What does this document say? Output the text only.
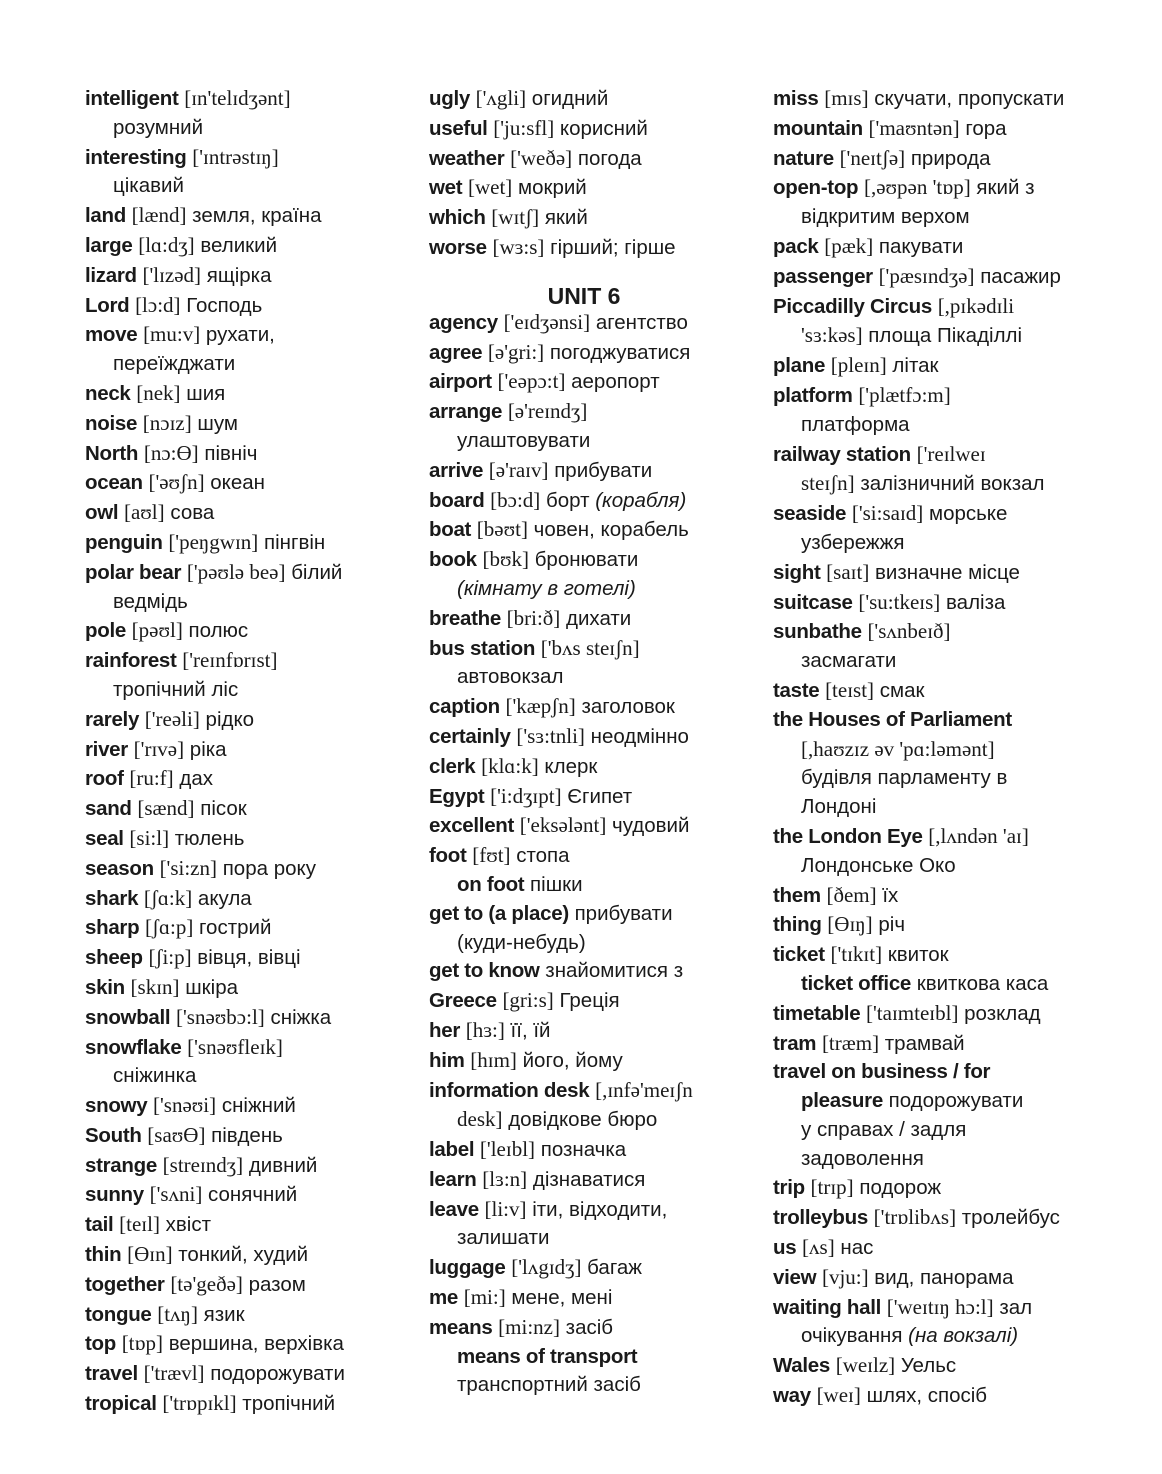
intelligent [ɪn'telɪdʒənt]
розумний
interesting ['ɪntrəstɪŋ]
цікавий
land [lænd] земля, країна
large [lɑ:dʒ] великий
lizard ['lɪzəd] ящірка
Lord [lɔ:d] Господь
move [mu:v] рухати,
переїжджати
neck [nek] шия
noise [nɔɪz] шум
North [nɔ:Ɵ] північ
ocean ['əʊʃn] океан
owl [aʊl] сова
penguin ['peŋgwɪn] пінгвін
polar bear ['pəʊlə beə] білий
ведмідь
pole [pəʊl] полюс
rainforest ['reɪnfɒrɪst]
тропічний ліс
rarely ['reəli] рідко
river ['rɪvə] ріка
roof [ru:f] дах
sand [sænd] пісок
seal [si:l] тюлень
season ['si:zn] пора року
shark [ʃɑ:k] акула
sharp [ʃɑ:p] гострий
sheep [ʃi:p] вівця, вівці
skin [skɪn] шкіра
snowball ['snəʊbɔ:l] сніжка
snowflake ['snəʊfleɪk]
сніжинка
snowy ['snəʊi] сніжний
South [saʊƟ] південь
strange [streɪndʒ] дивний
sunny ['sʌni] сонячний
tail [teɪl] хвіст
thin [Ɵɪn] тонкий, худий
together [tə'geðə] разом
tongue [tʌŋ] язик
top [tɒp] вершина, верхівка
travel ['trævl] подорожувати
tropical ['trɒpɪkl] тропічний
ugly ['ʌgli] огидний
useful ['ju:sfl] корисний
weather ['weðə] погода
wet [wet] мокрий
which [wɪtʃ] який
worse [wɜ:s] гірший; гірше
UNIT 6
agency ['eɪdʒənsi] агентство
agree [ə'gri:] погоджуватися
airport ['eəpɔ:t] аеропорт
arrange [ə'reɪndʒ]
улаштовувати
arrive [ə'raɪv] прибувати
board [bɔ:d] борт (корабля)
boat [bəʊt] човен, корабель
book [bʊk] бронювати
(кімнату в готелі)
breathe [bri:ð] дихати
bus station ['bʌs steɪʃn]
автовокзал
caption ['kæpʃn] заголовок
certainly ['sɜ:tnli] неодмінно
clerk [klɑ:k] клерк
Egypt ['i:dʒɪpt] Єгипет
excellent ['eksələnt] чудовий
foot [fʊt] стопа
on foot пішки
get to (a place) прибувати
(куди-небудь)
get to know знайомитися з
Greece [gri:s] Греція
her [hɜ:] її, їй
him [hɪm] його, йому
information desk [,ɪnfə'meɪʃn
desk] довідкове бюро
label ['leɪbl] позначка
learn [lɜ:n] дізнаватися
leave [li:v] іти, відходити,
залишати
luggage ['lʌgɪdʒ] багаж
me [mi:] мене, мені
means [mi:nz] засіб
means of transport
транспортний засіб
miss [mɪs] скучати, пропускати
mountain ['maʊntən] гора
nature ['neɪtʃə] природа
open-top [,əʊpən 'tɒp] який з
відкритим верхом
pack [pæk] пакувати
passenger ['pæsɪndʒə] пасажир
Piccadilly Circus [,pɪkədɪli
'sɜ:kəs] площа Пікаділлі
plane [pleɪn] літак
platform ['plætfɔ:m]
платформа
railway station ['reɪlweɪ
steɪʃn] залізничний вокзал
seaside ['si:saɪd] морське
узбережжя
sight [saɪt] визначне місце
suitcase ['su:tkeɪs] валіза
sunbathe ['sʌnbeɪð]
засмагати
taste [teɪst] смак
the Houses of Parliament
[,haʊzɪz əv 'pɑ:ləmənt]
будівля парламенту в
Лондоні
the London Eye [,lʌndən 'aɪ]
Лондонське Око
them [ðem] їх
thing [Ɵɪŋ] річ
ticket ['tɪkɪt] квиток
ticket office квиткова каса
timetable ['taɪmteɪbl] розклад
tram [træm] трамвай
travel on business / for
pleasure подорожувати
у справах / задля
задоволення
trip [trɪp] подорож
trolleybus ['trɒlibʌs] тролейбус
us [ʌs] нас
view [vju:] вид, панорама
waiting hall ['weɪtɪŋ hɔ:l] зал
очікування (на вокзалі)
Wales [weɪlz] Уельс
way [weɪ] шлях, спосіб
